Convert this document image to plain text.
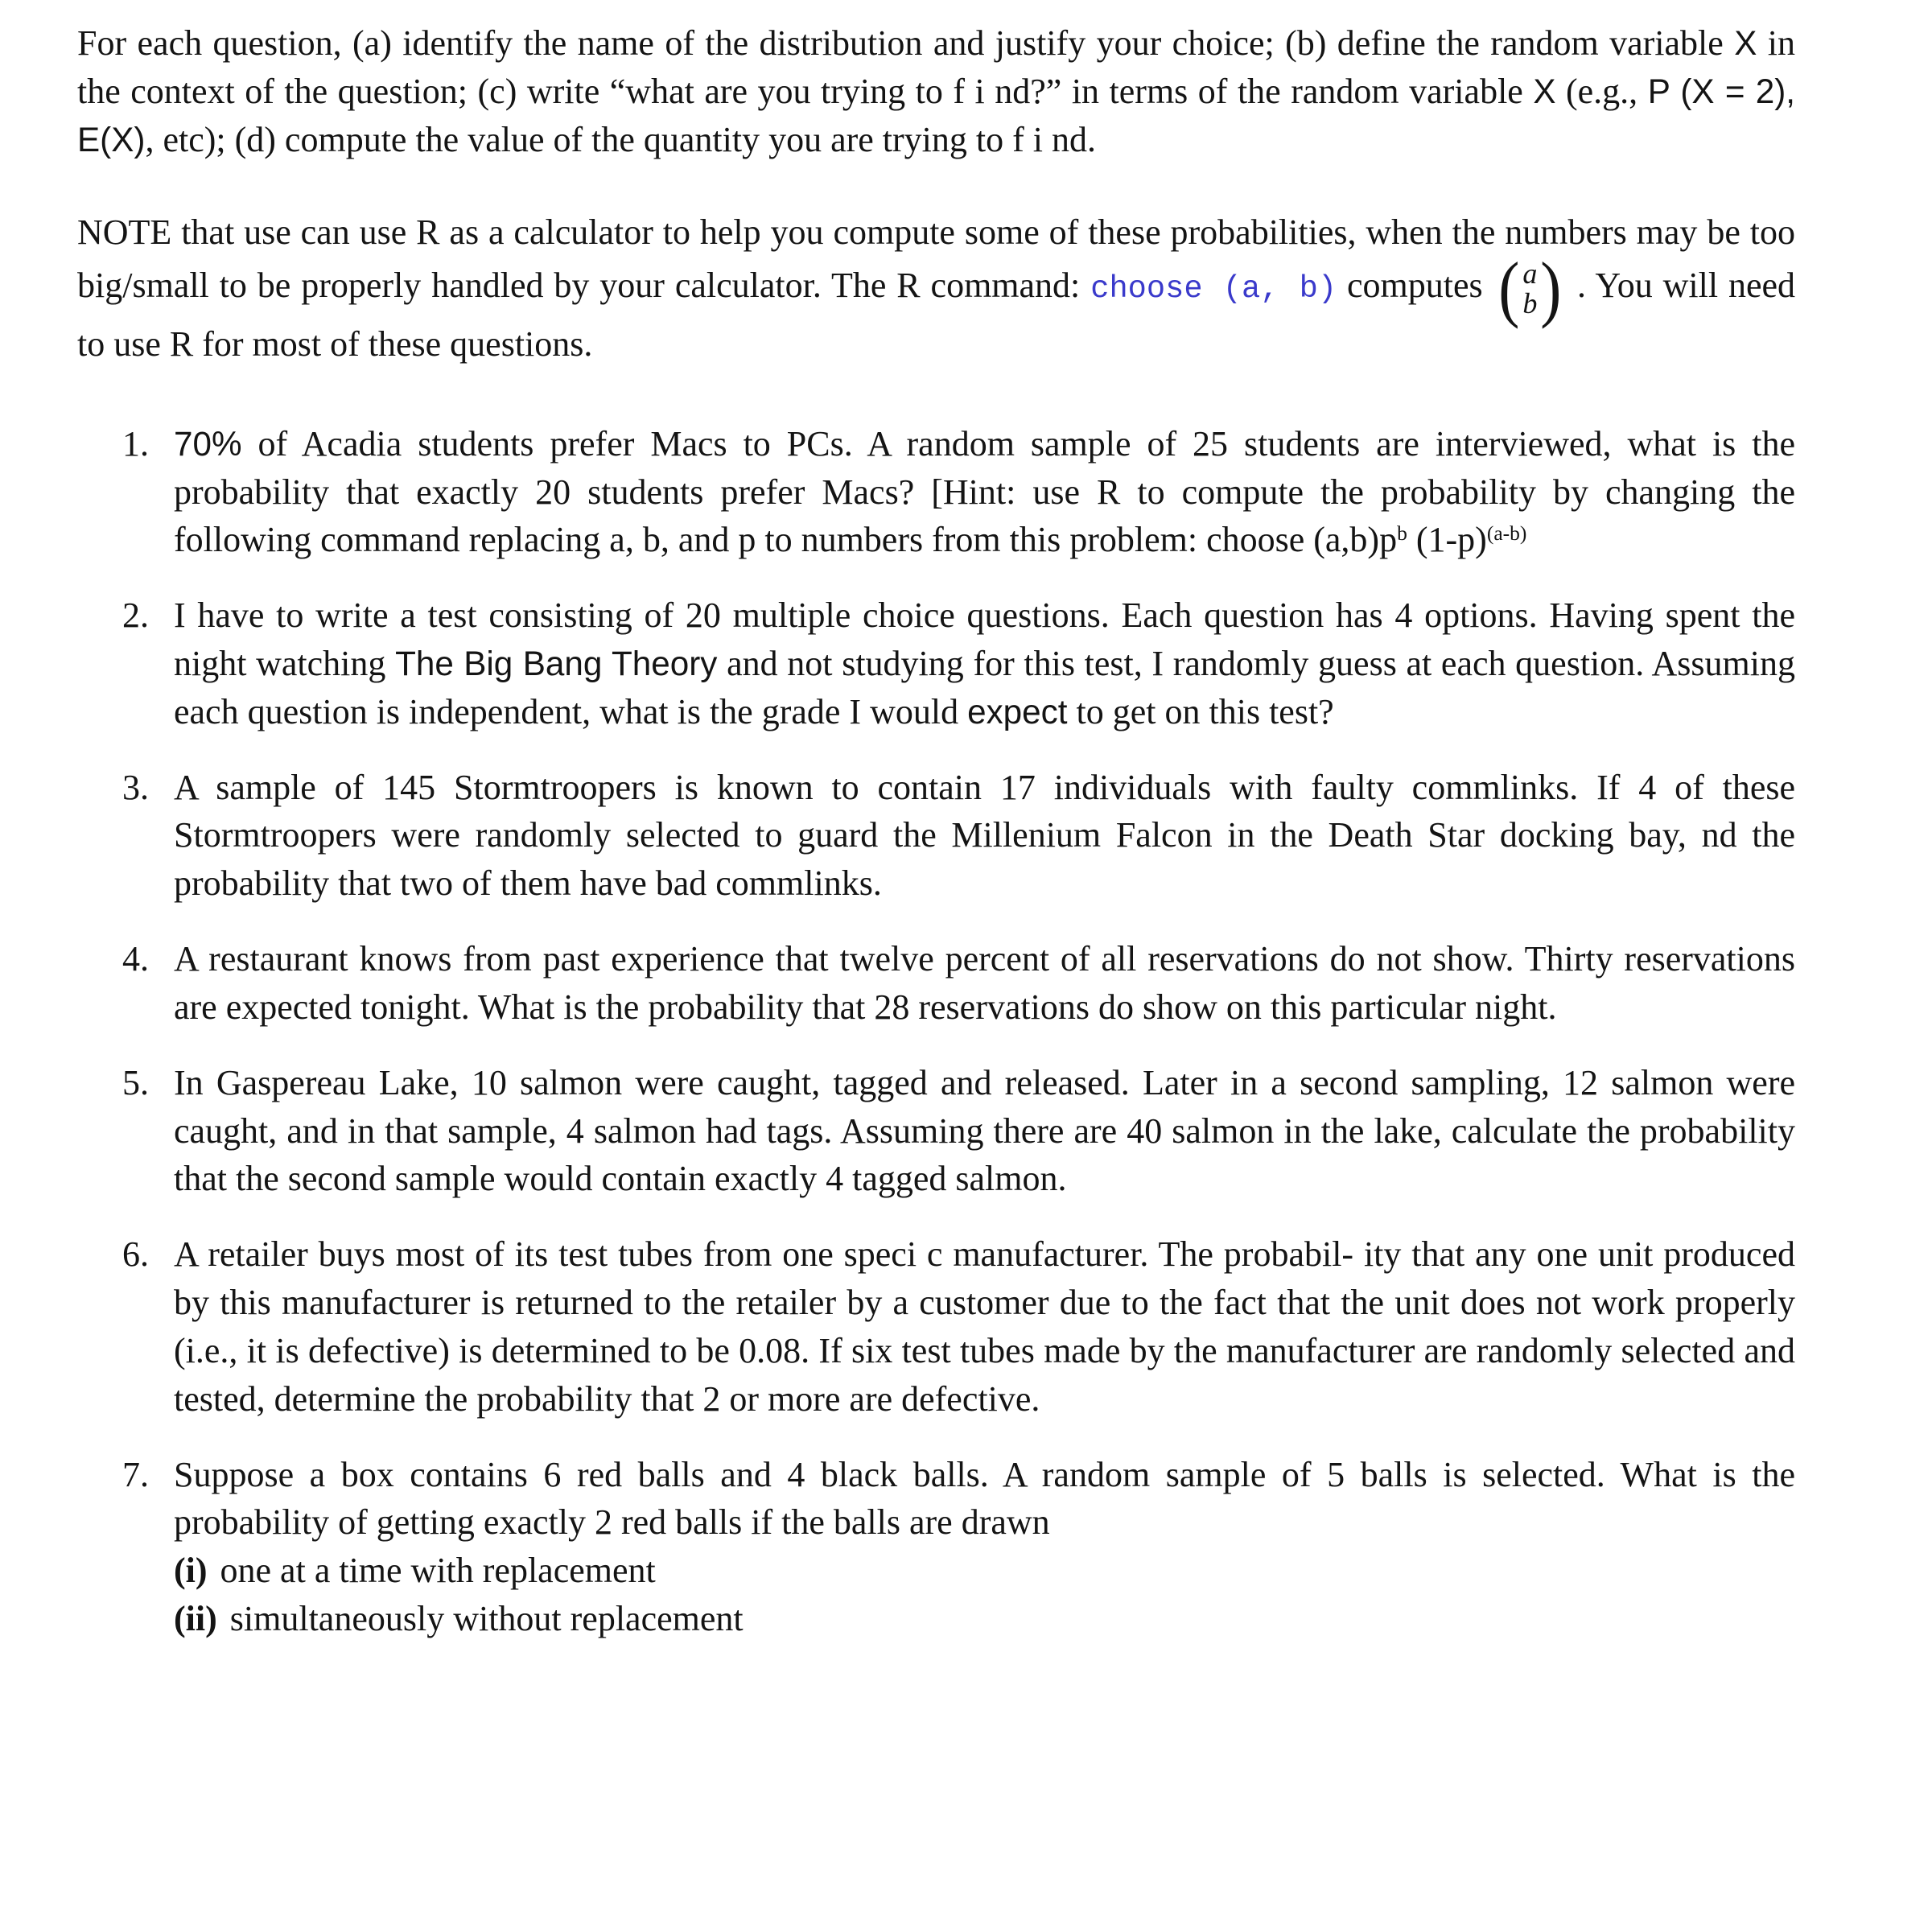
For each question, (a) identify the name of the distribution and justify your choice; (b) define the random variable X in the context of the question; (c) write “what are you trying to f i nd?” in terms of the random variable X (e.g., P (X = 2), E(X), etc); (d) compute the value of the quantity you are trying to f i nd.

NOTE that use can use R as a calculator to help you compute some of these probabilities, when the numbers may be too big/small to be properly handled by your calculator. The R command: choose (a, b) computes ( a
b ) . You will need to use R for most of these questions.

1. 70% of Acadia students prefer Macs to PCs. A random sample of 25 students are interviewed, what is the probability that exactly 20 students prefer Macs? [Hint: use R to compute the probability by changing the following command replacing a, b, and p to numbers from this problem: choose $(a,b)p^b$ $(1-p)^{(a-b)}$
2. I have to write a test consisting of 20 multiple choice questions. Each question has 4 options. Having spent the night watching The Big Bang Theory and not studying for this test, I randomly guess at each question. Assuming each question is independent, what is the grade I would expect to get on this test?
3. A sample of 145 Stormtroopers is known to contain 17 individuals with faulty commlinks. If 4 of these Stormtroopers were randomly selected to guard the Millenium Falcon in the Death Star docking bay, nd the probability that two of them have bad commlinks.
4. A restaurant knows from past experience that twelve percent of all reservations do not show. Thirty reservations are expected tonight. What is the probability that 28 reservations do show on this particular night.
5. In Gaspereau Lake, 10 salmon were caught, tagged and released. Later in a second sampling, 12 salmon were caught, and in that sample, 4 salmon had tags. Assuming there are 40 salmon in the lake, calculate the probability that the second sample would contain exactly 4 tagged salmon.
6. A retailer buys most of its test tubes from one speci c manufacturer. The probabil- ity that any one unit produced by this manufacturer is returned to the retailer by a customer due to the fact that the unit does not work properly (i.e., it is defective) is determined to be 0.08. If six test tubes made by the manufacturer are randomly selected and tested, determine the probability that 2 or more are defective.
7. Suppose a box contains 6 red balls and 4 black balls. A random sample of 5 balls is selected. What is the probability of getting exactly 2 red balls if the balls are drawn
(i) one at a time with replacement
(ii) simultaneously without replacement
